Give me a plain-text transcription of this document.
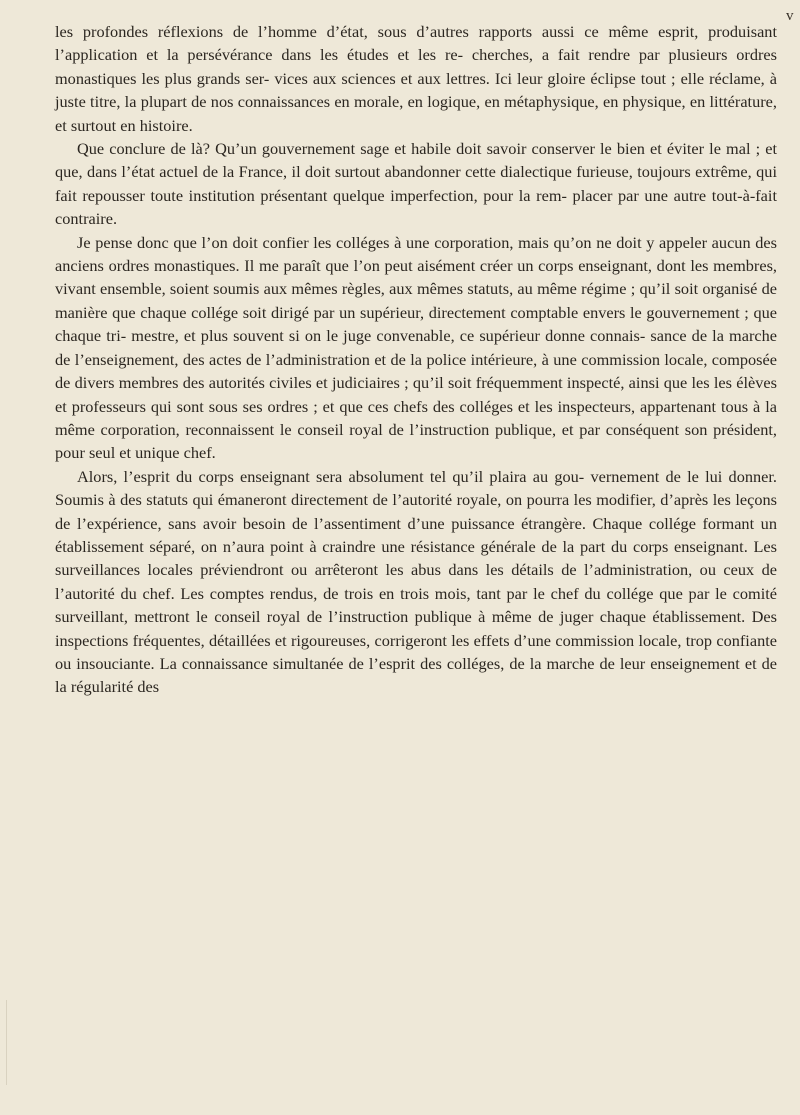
v

les profondes réflexions de l’homme d’état, sous d’autres rapports aussi ce même esprit, produisant l’application et la persévérance dans les études et les re- cherches, a fait rendre par plusieurs ordres monastiques les plus grands ser- vices aux sciences et aux lettres. Ici leur gloire éclipse tout ; elle réclame, à juste titre, la plupart de nos connaissances en morale, en logique, en métaphysique, en physique, en littérature, et surtout en histoire.

Que conclure de là? Qu’un gouvernement sage et habile doit savoir conserver le bien et éviter le mal ; et que, dans l’état actuel de la France, il doit surtout abandonner cette dialectique furieuse, toujours extrême, qui fait repousser toute institution présentant quelque imperfection, pour la rem- placer par une autre tout-à-fait contraire.

Je pense donc que l’on doit confier les colléges à une corporation, mais qu’on ne doit y appeler aucun des anciens ordres monastiques. Il me paraît que l’on peut aisément créer un corps enseignant, dont les membres, vivant ensemble, soient soumis aux mêmes règles, aux mêmes statuts, au même régime ; qu’il soit organisé de manière que chaque collége soit dirigé par un supérieur, directement comptable envers le gouvernement ; que chaque tri- mestre, et plus souvent si on le juge convenable, ce supérieur donne connais- sance de la marche de l’enseignement, des actes de l’administration et de la police intérieure, à une commission locale, composée de divers membres des autorités civiles et judiciaires ; qu’il soit fréquemment inspecté, ainsi que les les élèves et professeurs qui sont sous ses ordres ; et que ces chefs des colléges et les inspecteurs, appartenant tous à la même corporation, reconnaissent le conseil royal de l’instruction publique, et par conséquent son président, pour seul et unique chef.

Alors, l’esprit du corps enseignant sera absolument tel qu’il plaira au gou- vernement de le lui donner. Soumis à des statuts qui émaneront directement de l’autorité royale, on pourra les modifier, d’après les leçons de l’expérience, sans avoir besoin de l’assentiment d’une puissance étrangère. Chaque collége formant un établissement séparé, on n’aura point à craindre une résistance générale de la part du corps enseignant. Les surveillances locales préviendront ou arrêteront les abus dans les détails de l’administration, ou ceux de l’autorité du chef. Les comptes rendus, de trois en trois mois, tant par le chef du collége que par le comité surveillant, mettront le conseil royal de l’instruction publique à même de juger chaque établissement. Des inspections fréquentes, détaillées et rigoureuses, corrigeront les effets d’une commission locale, trop confiante ou insouciante. La connaissance simultanée de l’esprit des colléges, de la marche de leur enseignement et de la régularité des
